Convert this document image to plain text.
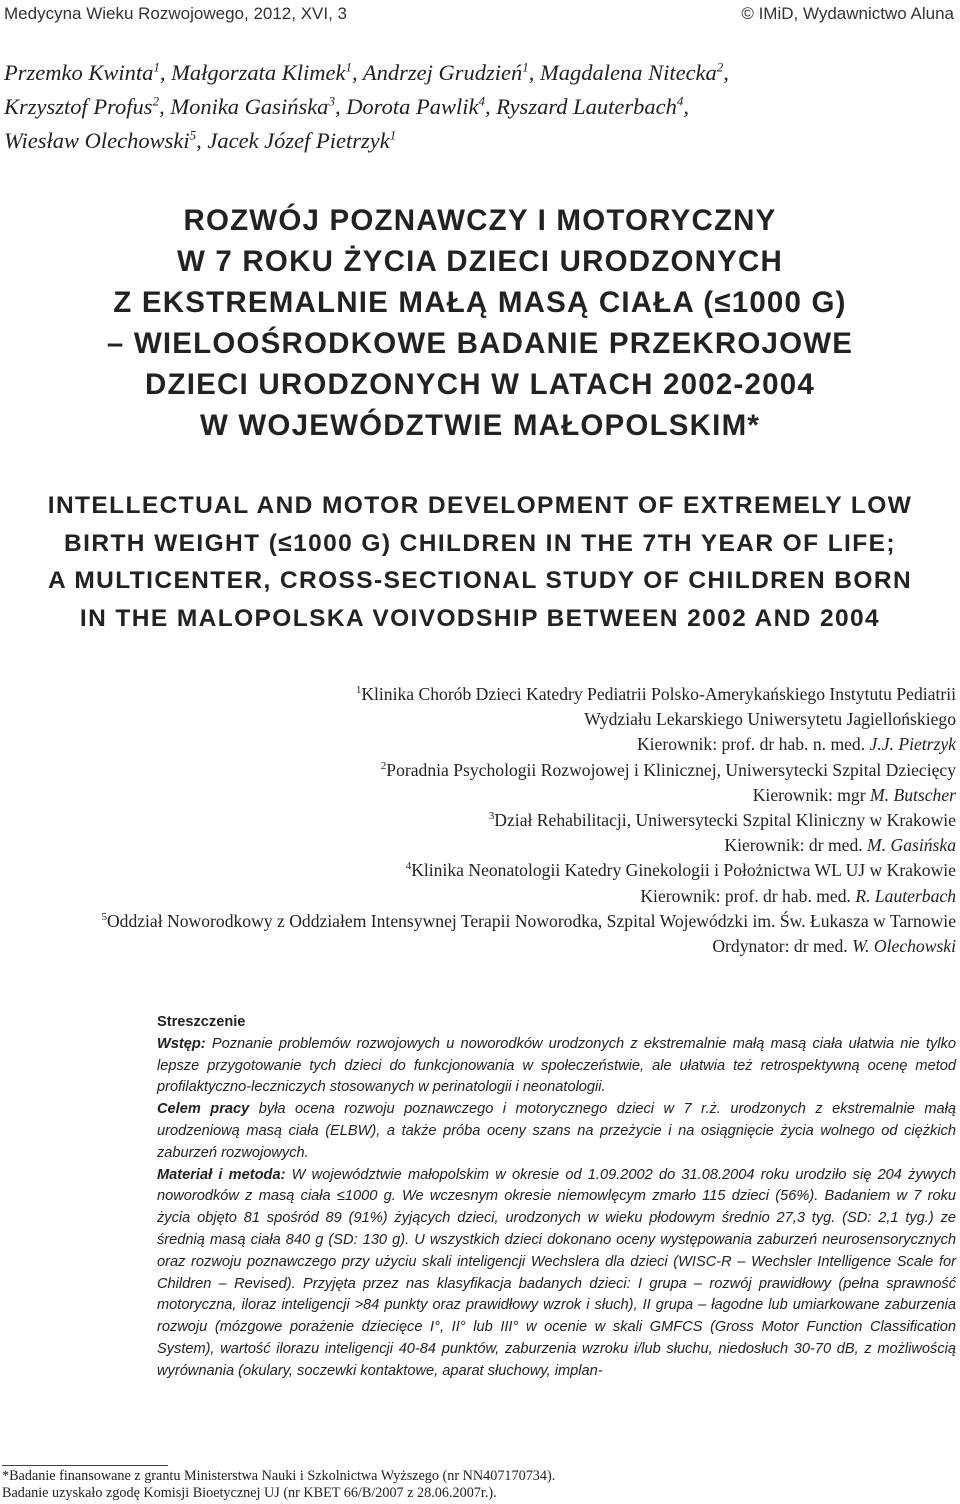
Medycyna Wieku Rozwojowego, 2012, XVI, 3	© IMiD, Wydawnictwo Aluna
Przemko Kwinta$^1$, Małgorzata Klimek$^1$, Andrzej Grudzień$^1$, Magdalena Nitecka$^2$,
Krzysztof Profus$^2$, Monika Gasińska$^3$, Dorota Pawlik$^4$, Ryszard Lauterbach$^4$,
Wiesław Olechowski$^5$, Jacek Józef Pietrzyk$^1$
ROZWÓJ POZNAWCZY I MOTORYCZNY
W 7 ROKU ŻYCIA DZIECI URODZONYCH
Z EKSTREMALNIE MAŁĄ MASĄ CIAŁA (≤1000 G)
– WIELOOŚRODKOWE BADANIE PRZEKROJOWE
DZIECI URODZONYCH W LATACH 2002-2004
W WOJEWÓDZTWIE MAŁOPOLSKIM*
INTELLECTUAL AND MOTOR DEVELOPMENT OF EXTREMELY LOW
BIRTH WEIGHT (≤1000 G) CHILDREN IN THE 7TH YEAR OF LIFE;
A MULTICENTER, CROSS-SECTIONAL STUDY OF CHILDREN BORN
IN THE MALOPOLSKA VOIVODSHIP BETWEEN 2002 AND 2004
$^1$Klinika Chorób Dzieci Katedry Pediatrii Polsko-Amerykańskiego Instytutu Pediatrii
Wydziału Lekarskiego Uniwersytetu Jagiellońskiego
Kierownik: prof. dr hab. n. med. J.J. Pietrzyk
$^2$Poradnia Psychologii Rozwojowej i Klinicznej, Uniwersytecki Szpital Dziecięcy
Kierownik: mgr M. Butscher
$^3$Dział Rehabilitacji, Uniwersytecki Szpital Kliniczny w Krakowie
Kierownik: dr med. M. Gasińska
$^4$Klinika Neonatologii Katedry Ginekologii i Położnictwa WL UJ w Krakowie
Kierownik: prof. dr hab. med. R. Lauterbach
$^5$Oddział Noworodkowy z Oddziałem Intensywnej Terapii Noworodka, Szpital Wojewódzki im. Św. Łukasza w Tarnowie
Ordynator: dr med. W. Olechowski
Streszczenie

Wstęp: Poznanie problemów rozwojowych u noworodków urodzonych z ekstremalnie małą masą ciała ułatwia nie tylko lepsze przygotowanie tych dzieci do funkcjonowania w społeczeństwie, ale ułatwia też retrospektywną ocenę metod profilaktyczno-leczniczych stosowanych w perinatologii i neonatologii.

Celem pracy była ocena rozwoju poznawczego i motorycznego dzieci w 7 r.ż. urodzonych z ekstremalnie małą urodzeniową masą ciała (ELBW), a także próba oceny szans na przeżycie i na osiągnięcie życia wolnego od ciężkich zaburzeń rozwojowych.

Materiał i metoda: W województwie małopolskim w okresie od 1.09.2002 do 31.08.2004 roku urodziło się 204 żywych noworodków z masą ciała ≤1000 g. We wczesnym okresie niemowlęcym zmarło 115 dzieci (56%). Badaniem w 7 roku życia objęto 81 spośród 89 (91%) żyjących dzieci, urodzonych w wieku płodowym średnio 27,3 tyg. (SD: 2,1 tyg.) ze średnią masą ciała 840 g (SD: 130 g). U wszystkich dzieci dokonano oceny występowania zaburzeń neurosensorycznych oraz rozwoju poznawczego przy użyciu skali inteligencji Wechslera dla dzieci (WISC-R – Wechsler Intelligence Scale for Children – Revised). Przyjęta przez nas klasyfikacja badanych dzieci: I grupa – rozwój prawidłowy (pełna sprawność motoryczna, iloraz inteligencji >84 punkty oraz prawidłowy wzrok i słuch), II grupa – łagodne lub umiarkowane zaburzenia rozwoju (mózgowe porażenie dziecięce I°, II° lub III° w ocenie w skali GMFCS (Gross Motor Function Classification System), wartość ilorazu inteligencji 40-84 punktów, zaburzenia wzroku i/lub słuchu, niedosłuch 30-70 dB, z możliwością wyrównania (okulary, soczewki kontaktowe, aparat słuchowy, implan-

*Badanie finansowane z grantu Ministerstwa Nauki i Szkolnictwa Wyższego (nr NN407170734).
Badanie uzyskało zgodę Komisji Bioetycznej UJ (nr KBET 66/B/2007 z 28.06.2007r.).
